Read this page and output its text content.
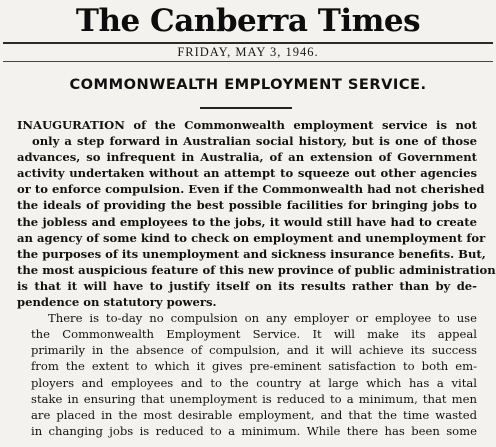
The Canberra Times
FRIDAY, MAY 3, 1946.
COMMONWEALTH EMPLOYMENT SERVICE.

INAUGURATION of the Commonwealth employment service is not
only a step forward in Australian social history, but is one of those
advances, so infrequent in Australia, of an extension of Government
activity undertaken without an attempt to squeeze out other agencies
or to enforce compulsion. Even if the Commonwealth had not cherished
the ideals of providing the best possible facilities for bringing jobs to
the jobless and employees to the jobs, it would still have had to create
an agency of some kind to check on employment and unemployment for
the purposes of its unemployment and sickness insurance benefits. But,
the most auspicious feature of this new province of public administration
is that it will have to justify itself on its results rather than by de-
pendence on statutory powers.

There is to-day no compulsion on any employer or employee to use
the Commonwealth Employment Service. It will make its appeal
primarily in the absence of compulsion, and it will achieve its success
from the extent to which it gives pre-eminent satisfaction to both em-
ployers and employees and to the country at large which has a vital
stake in ensuring that unemployment is reduced to a minimum, that men
are placed in the most desirable employment, and that the time wasted
in changing jobs is reduced to a minimum. While there has been some
